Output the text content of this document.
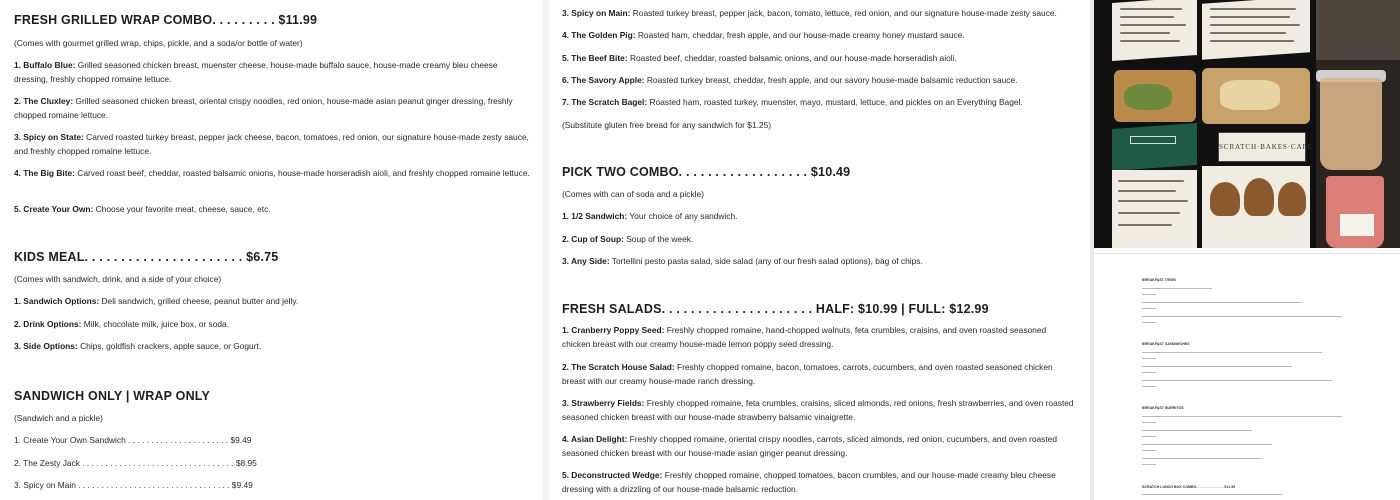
FRESH GRILLED WRAP COMBO. . . . . . . . . $11.99
(Comes with gourmet grilled wrap, chips, pickle, and a soda/or bottle of water)
1. Buffalo Blue: Grilled seasoned chicken breast, muenster cheese, house-made buffalo sauce, house-made creamy bleu cheese dressing, freshly chopped romaine lettuce.
2. The Cluxley: Grilled seasoned chicken breast, oriental crispy noodles, red onion, house-made asian peanut ginger dressing, freshly chopped romaine lettuce.
3. Spicy on State: Carved roasted turkey breast, pepper jack cheese, bacon, tomatoes, red onion, our signature house-made zesty sauce, and freshly chopped romaine lettuce.
4. The Big Bite: Carved roast beef, cheddar, roasted balsamic onions, house-made horseradish aioli, and freshly chopped romaine lettuce.
5. Create Your Own: Choose your favorite meat, cheese, sauce, etc.
KIDS MEAL. . . . . . . . . . . . . . . . . . . . . . $6.75
(Comes with sandwich, drink, and a side of your choice)
1. Sandwich Options: Deli sandwich, grilled cheese, peanut butter and jelly.
2. Drink Options: Milk, chocolate milk, juice box, or soda.
3. Side Options: Chips, goldfish crackers, apple sauce, or Gogurt.
SANDWICH ONLY | WRAP ONLY
(Sandwich and a pickle)
1. Create Your Own Sandwich . . . . . . . . . . . . . . . . . . . . . . $9.49
2. The Zesty Jack . . . . . . . . . . . . . . . . . . . . . . . . . . . . . . . . . $8.95
3. Spicy on Main . . . . . . . . . . . . . . . . . . . . . . . . . . . . . . . . . $9.49
3. Spicy on Main: Roasted turkey breast, pepper jack, bacon, tomato, lettuce, red onion, and our signature house-made zesty sauce.
4. The Golden Pig: Roasted ham, cheddar, fresh apple, and our house-made creamy honey mustard sauce.
5. The Beef Bite: Roasted beef, cheddar, roasted balsamic onions, and our house-made horseradish aioli.
6. The Savory Apple: Roasted turkey breast, cheddar, fresh apple, and our savory house-made balsamic reduction sauce.
7. The Scratch Bagel: Roasted ham, roasted turkey, muenster, mayo, mustard, lettuce, and pickles on an Everything Bagel.
(Substitute gluten free bread for any sandwich for $1.25)
PICK TWO COMBO. . . . . . . . . . . . . . . . . . $10.49
(Comes with can of soda and a pickle)
1. 1/2 Sandwich: Your choice of any sandwich.
2. Cup of Soup: Soup of the week.
3. Any Side: Tortellini pesto pasta salad, side salad (any of our fresh salad options), bag of chips.
FRESH SALADS. . . . . . . . . . . . . . . . . . . . . HALF: $10.99 | FULL: $12.99
1. Cranberry Poppy Seed: Freshly chopped romaine, hand-chopped walnuts, feta crumbles, craisins, and oven roasted seasoned chicken breast with our creamy house-made lemon poppy seed dressing.
2. The Scratch House Salad: Freshly chopped romaine, bacon, tomatoes, carrots, cucumbers, and oven roasted seasoned chicken breast with our creamy house-made ranch dressing.
3. Strawberry Fields: Freshly chopped romaine, feta crumbles, craisins, sliced almonds, red onions, fresh strawberries, and oven roasted seasoned chicken breast with our house-made strawberry balsamic vinaigrette.
4. Asian Delight: Freshly chopped romaine, oriental crispy noodles, carrots, sliced almonds, red onion, cucumbers, and oven roasted seasoned chicken breast with our house-made asian ginger peanut dressing.
5. Deconstructed Wedge: Freshly chopped romaine, chopped tomatoes, bacon crumbles, and our house-made creamy bleu cheese dressing with a drizzling of our house-made balsamic reduction.
SCRATCH·BAKES·CAFE
BREAKFAST ITEMS
BREAKFAST SANDWICHES
BREAKFAST BURRITOS
SCRATCH LUNCH BOX COMBO. . . . . . . . . . . . . . $11.99
